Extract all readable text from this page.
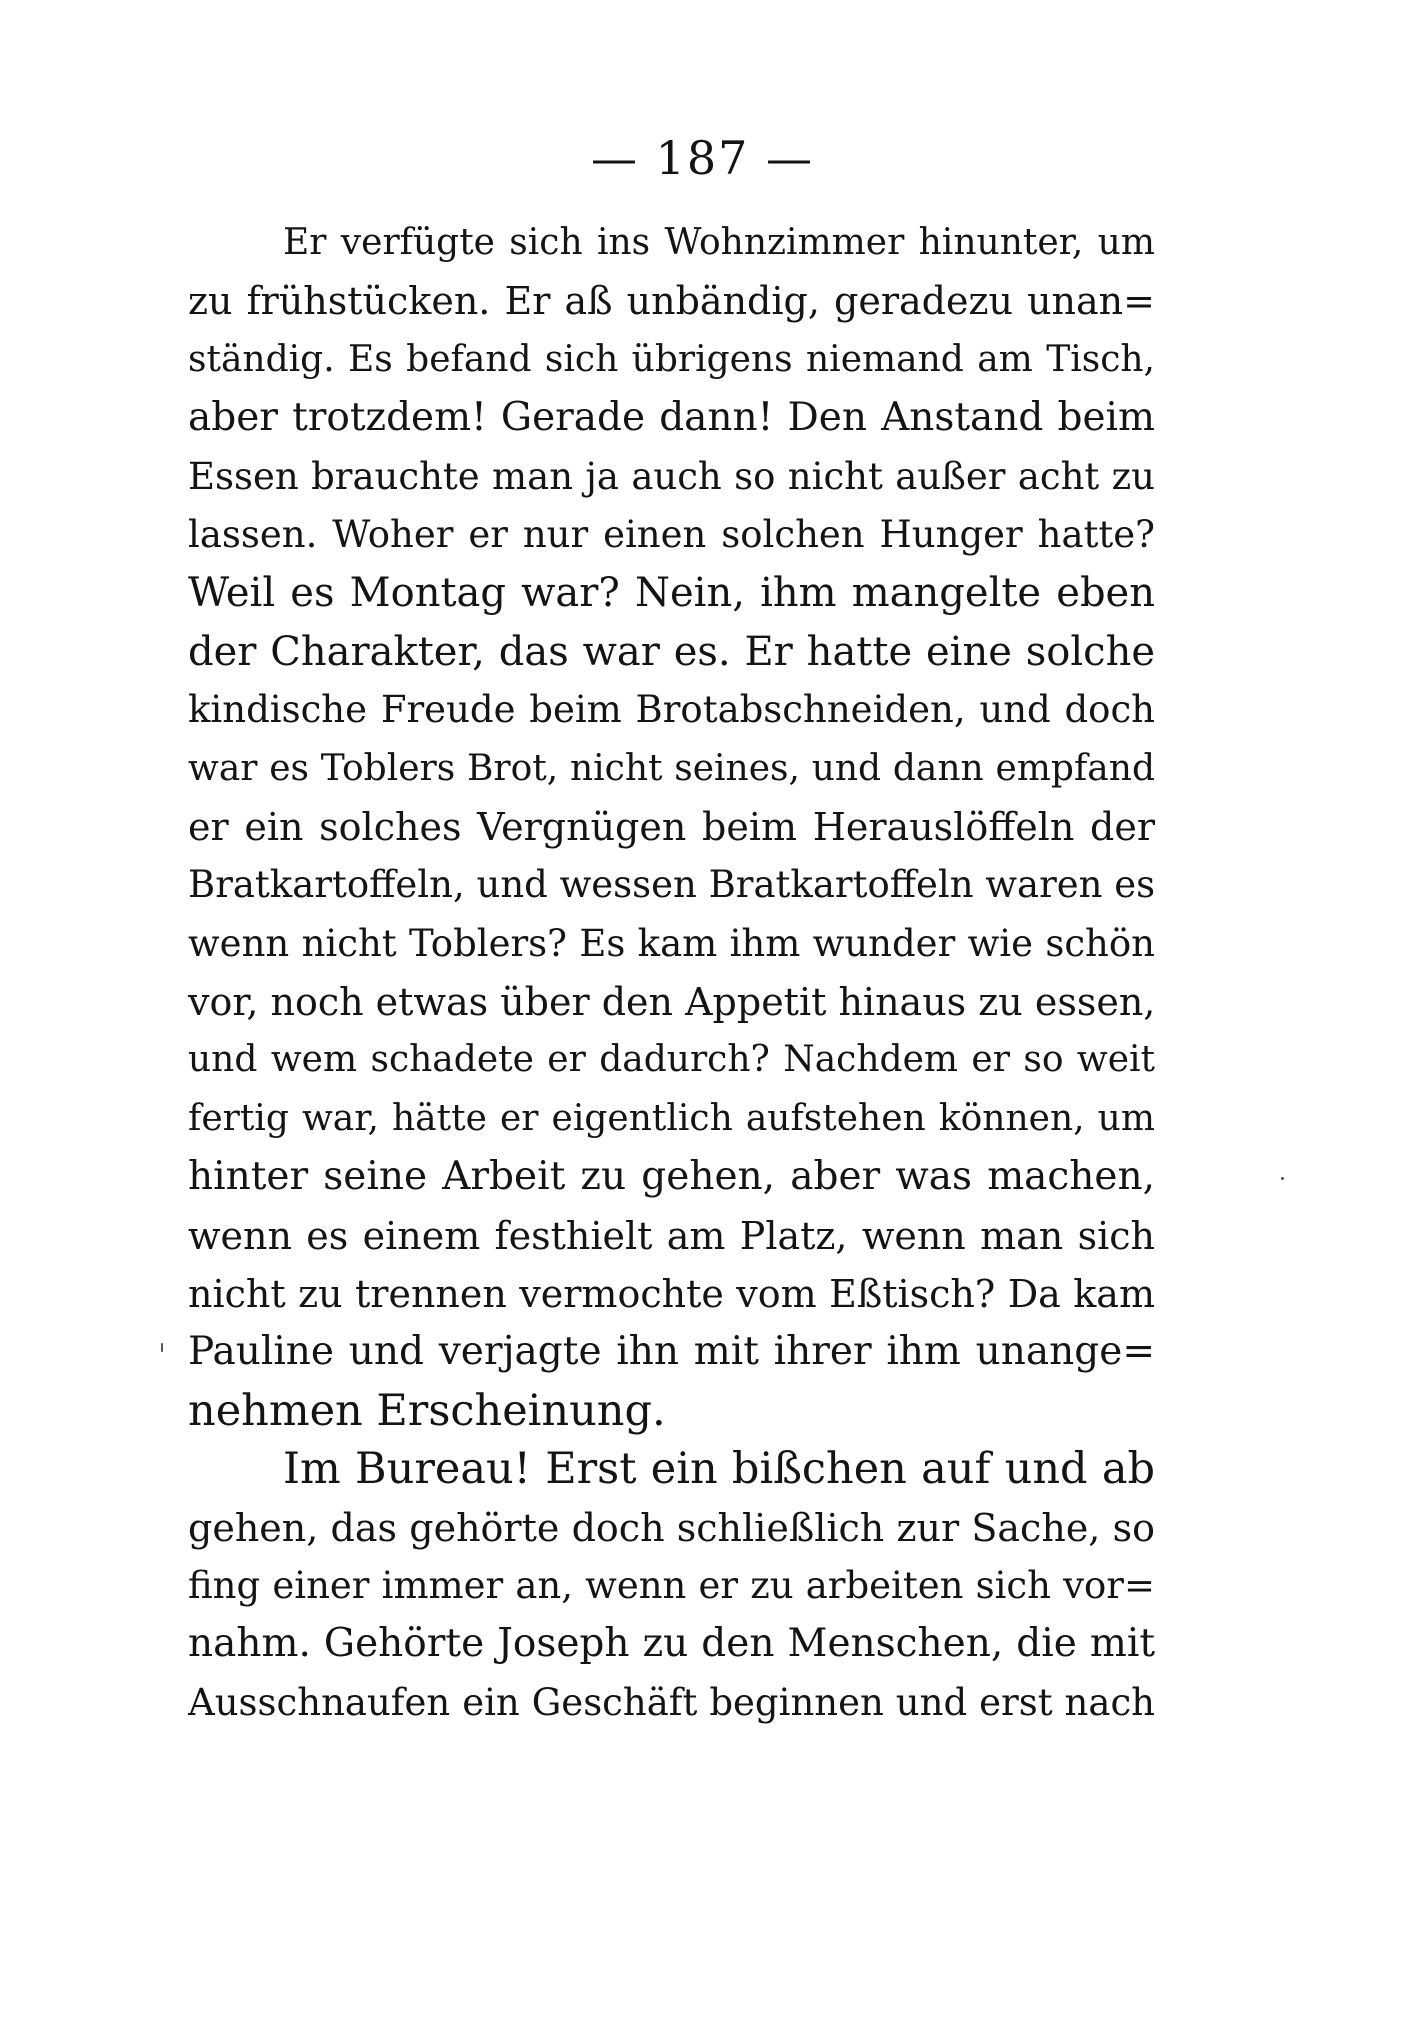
— 187 —
Er verfügte sich ins Wohnzimmer hinunter, um
zu frühstücken. Er aß unbändig, geradezu unan=
ständig. Es befand sich übrigens niemand am Tisch,
aber trotzdem! Gerade dann! Den Anstand beim
Essen brauchte man ja auch so nicht außer acht zu
lassen. Woher er nur einen solchen Hunger hatte?
Weil es Montag war? Nein, ihm mangelte eben
der Charakter, das war es. Er hatte eine solche
kindische Freude beim Brotabschneiden, und doch
war es Toblers Brot, nicht seines, und dann empfand
er ein solches Vergnügen beim Herauslöffeln der
Bratkartoffeln, und wessen Bratkartoffeln waren es
wenn nicht Toblers? Es kam ihm wunder wie schön
vor, noch etwas über den Appetit hinaus zu essen,
und wem schadete er dadurch? Nachdem er so weit
fertig war, hätte er eigentlich aufstehen können, um
hinter seine Arbeit zu gehen, aber was machen,
wenn es einem festhielt am Platz, wenn man sich
nicht zu trennen vermochte vom Eßtisch? Da kam
Pauline und verjagte ihn mit ihrer ihm unange=
nehmen Erscheinung.
Im Bureau! Erst ein bißchen auf und ab
gehen, das gehörte doch schließlich zur Sache, so
fing einer immer an, wenn er zu arbeiten sich vor=
nahm. Gehörte Joseph zu den Menschen, die mit
Ausschnaufen ein Geschäft beginnen und erst nach
